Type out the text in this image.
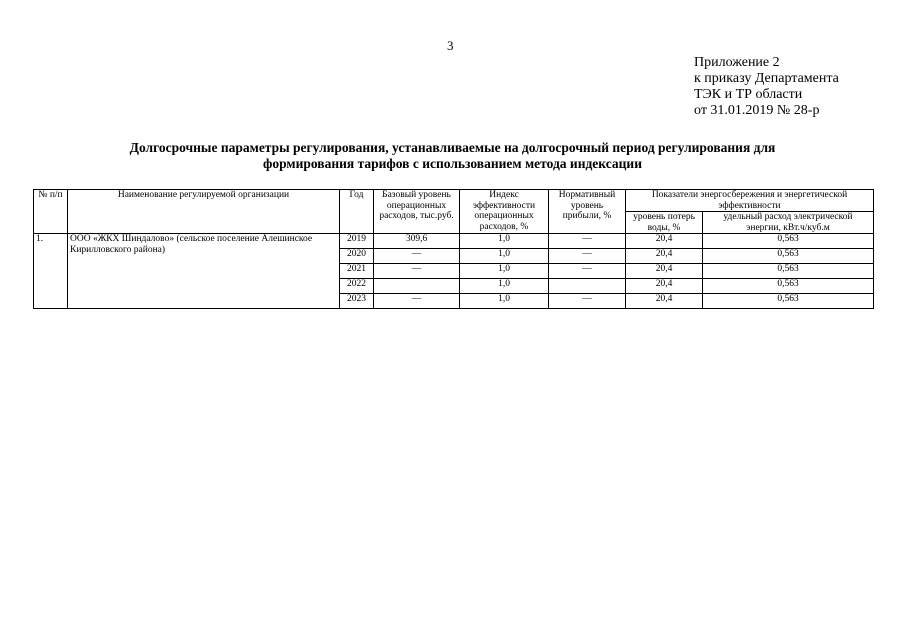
3
Приложение 2
к приказу Департамента
ТЭК и ТР области
от 31.01.2019 № 28-р
Долгосрочные параметры регулирования, устанавливаемые на долгосрочный период регулирования для
формирования тарифов с использованием метода индексации
№ п/п	Наименование регулируемой организации	Год	Базовый уровень операционных расходов, тыс.руб.	Индекс эффективности операционных расходов, %	Нормативный уровень прибыли, %	Показатели энергосбережения и энергетической эффективности	
						уровень потерь воды, %	удельный расход электрической энергии, кВт.ч/куб.м
1.	ООО «ЖКХ Шиндалово» (сельское поселение Алешинское Кирилловского района)	2019	309,6	1,0	—	20,4	0,563
		2020	—	1,0	—	20,4	0,563
		2021	—	1,0	—	20,4	0,563
		2022		1,0		20,4	0,563
		2023	—	1,0	—	20,4	0,563
